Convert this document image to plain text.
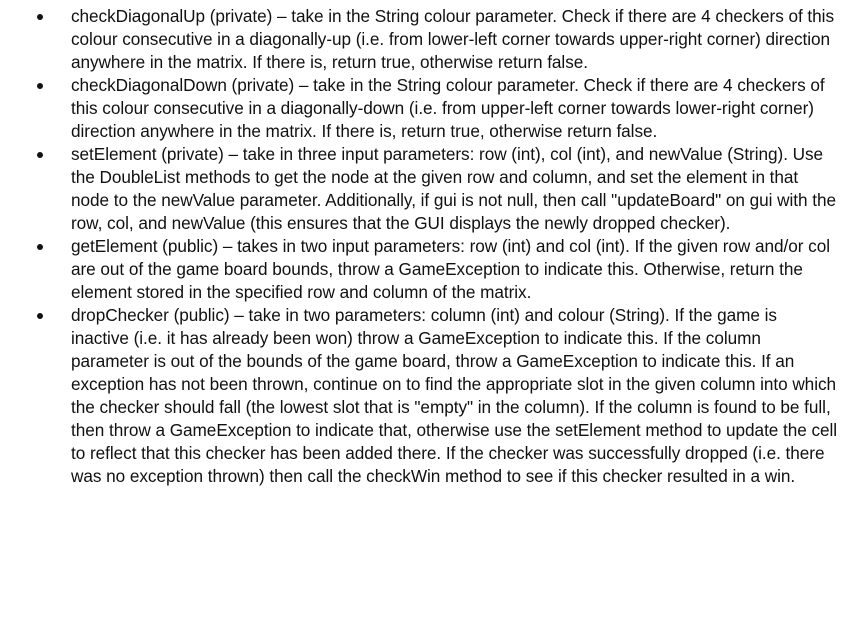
checkDiagonalUp (private) – take in the String colour parameter. Check if there are 4 checkers of this colour consecutive in a diagonally-up (i.e. from lower-left corner towards upper-right corner) direction anywhere in the matrix. If there is, return true, otherwise return false.
checkDiagonalDown (private) – take in the String colour parameter. Check if there are 4 checkers of this colour consecutive in a diagonally-down (i.e. from upper-left corner towards lower-right corner) direction anywhere in the matrix. If there is, return true, otherwise return false.
setElement (private) – take in three input parameters: row (int), col (int), and newValue (String). Use the DoubleList methods to get the node at the given row and column, and set the element in that node to the newValue parameter. Additionally, if gui is not null, then call "updateBoard" on gui with the row, col, and newValue (this ensures that the GUI displays the newly dropped checker).
getElement (public) – takes in two input parameters: row (int) and col (int). If the given row and/or col are out of the game board bounds, throw a GameException to indicate this. Otherwise, return the element stored in the specified row and column of the matrix.
dropChecker (public) – take in two parameters: column (int) and colour (String). If the game is inactive (i.e. it has already been won) throw a GameException to indicate this. If the column parameter is out of the bounds of the game board, throw a GameException to indicate this. If an exception has not been thrown, continue on to find the appropriate slot in the given column into which the checker should fall (the lowest slot that is "empty" in the column). If the column is found to be full, then throw a GameException to indicate that, otherwise use the setElement method to update the cell to reflect that this checker has been added there. If the checker was successfully dropped (i.e. there was no exception thrown) then call the checkWin method to see if this checker resulted in a win.
